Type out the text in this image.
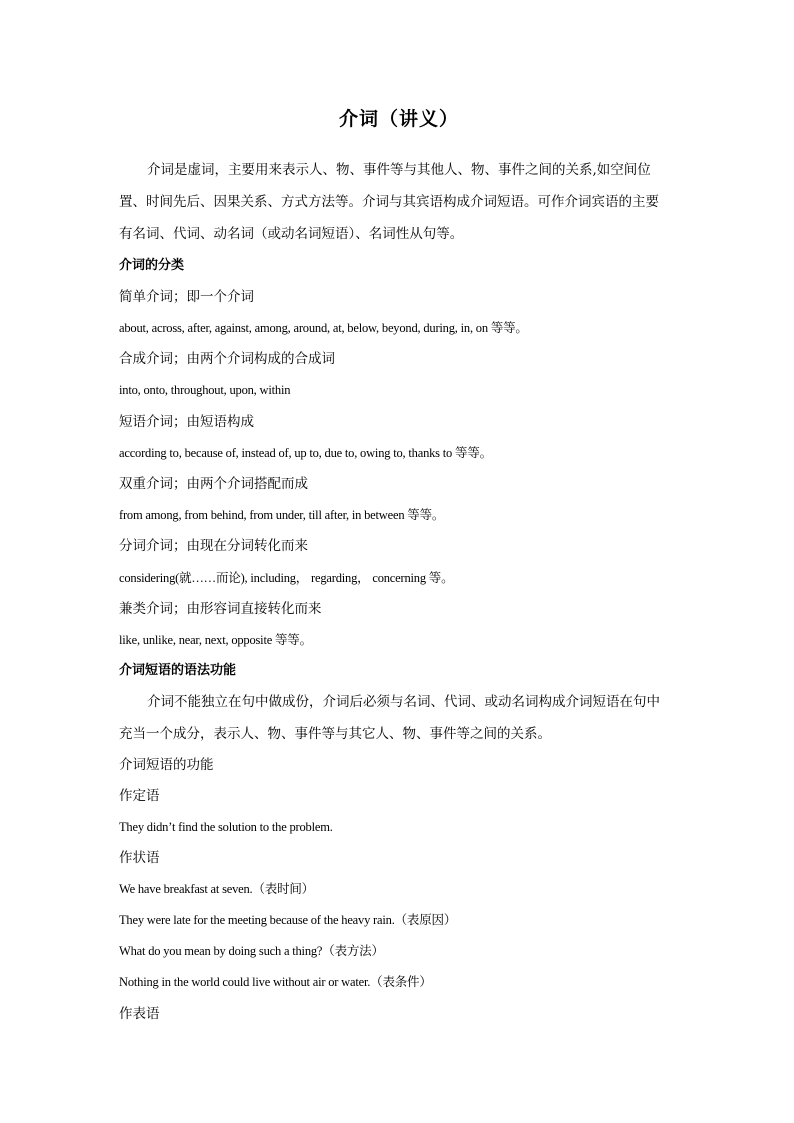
介词（讲义）
介词是虚词，主要用来表示人、物、事件等与其他人、物、事件之间的关系,如空间位
置、时间先后、因果关系、方式方法等。介词与其宾语构成介词短语。可作介词宾语的主要
有名词、代词、动名词（或动名词短语）、名词性从句等。
介词的分类
简单介词；即一个介词
about, across, after, against, among, around, at, below, beyond, during, in, on 等等。
合成介词；由两个介词构成的合成词
into, onto, throughout, upon, within
短语介词；由短语构成
according to, because of, instead of, up to, due to, owing to, thanks to 等等。
双重介词；由两个介词搭配而成
from among, from behind, from under, till after, in between 等等。
分词介词；由现在分词转化而来
considering(就……而论), including， regarding， concerning 等。
兼类介词；由形容词直接转化而来
like, unlike, near, next, opposite 等等。
介词短语的语法功能
介词不能独立在句中做成份，介词后必须与名词、代词、或动名词构成介词短语在句中
充当一个成分，表示人、物、事件等与其它人、物、事件等之间的关系。
介词短语的功能
作定语
They didn’t find the solution to the problem.
作状语
We have breakfast at seven.（表时间）
They were late for the meeting because of the heavy rain.（表原因）
What do you mean by doing such a thing?（表方法）
Nothing in the world could live without air or water.（表条件）
作表语
